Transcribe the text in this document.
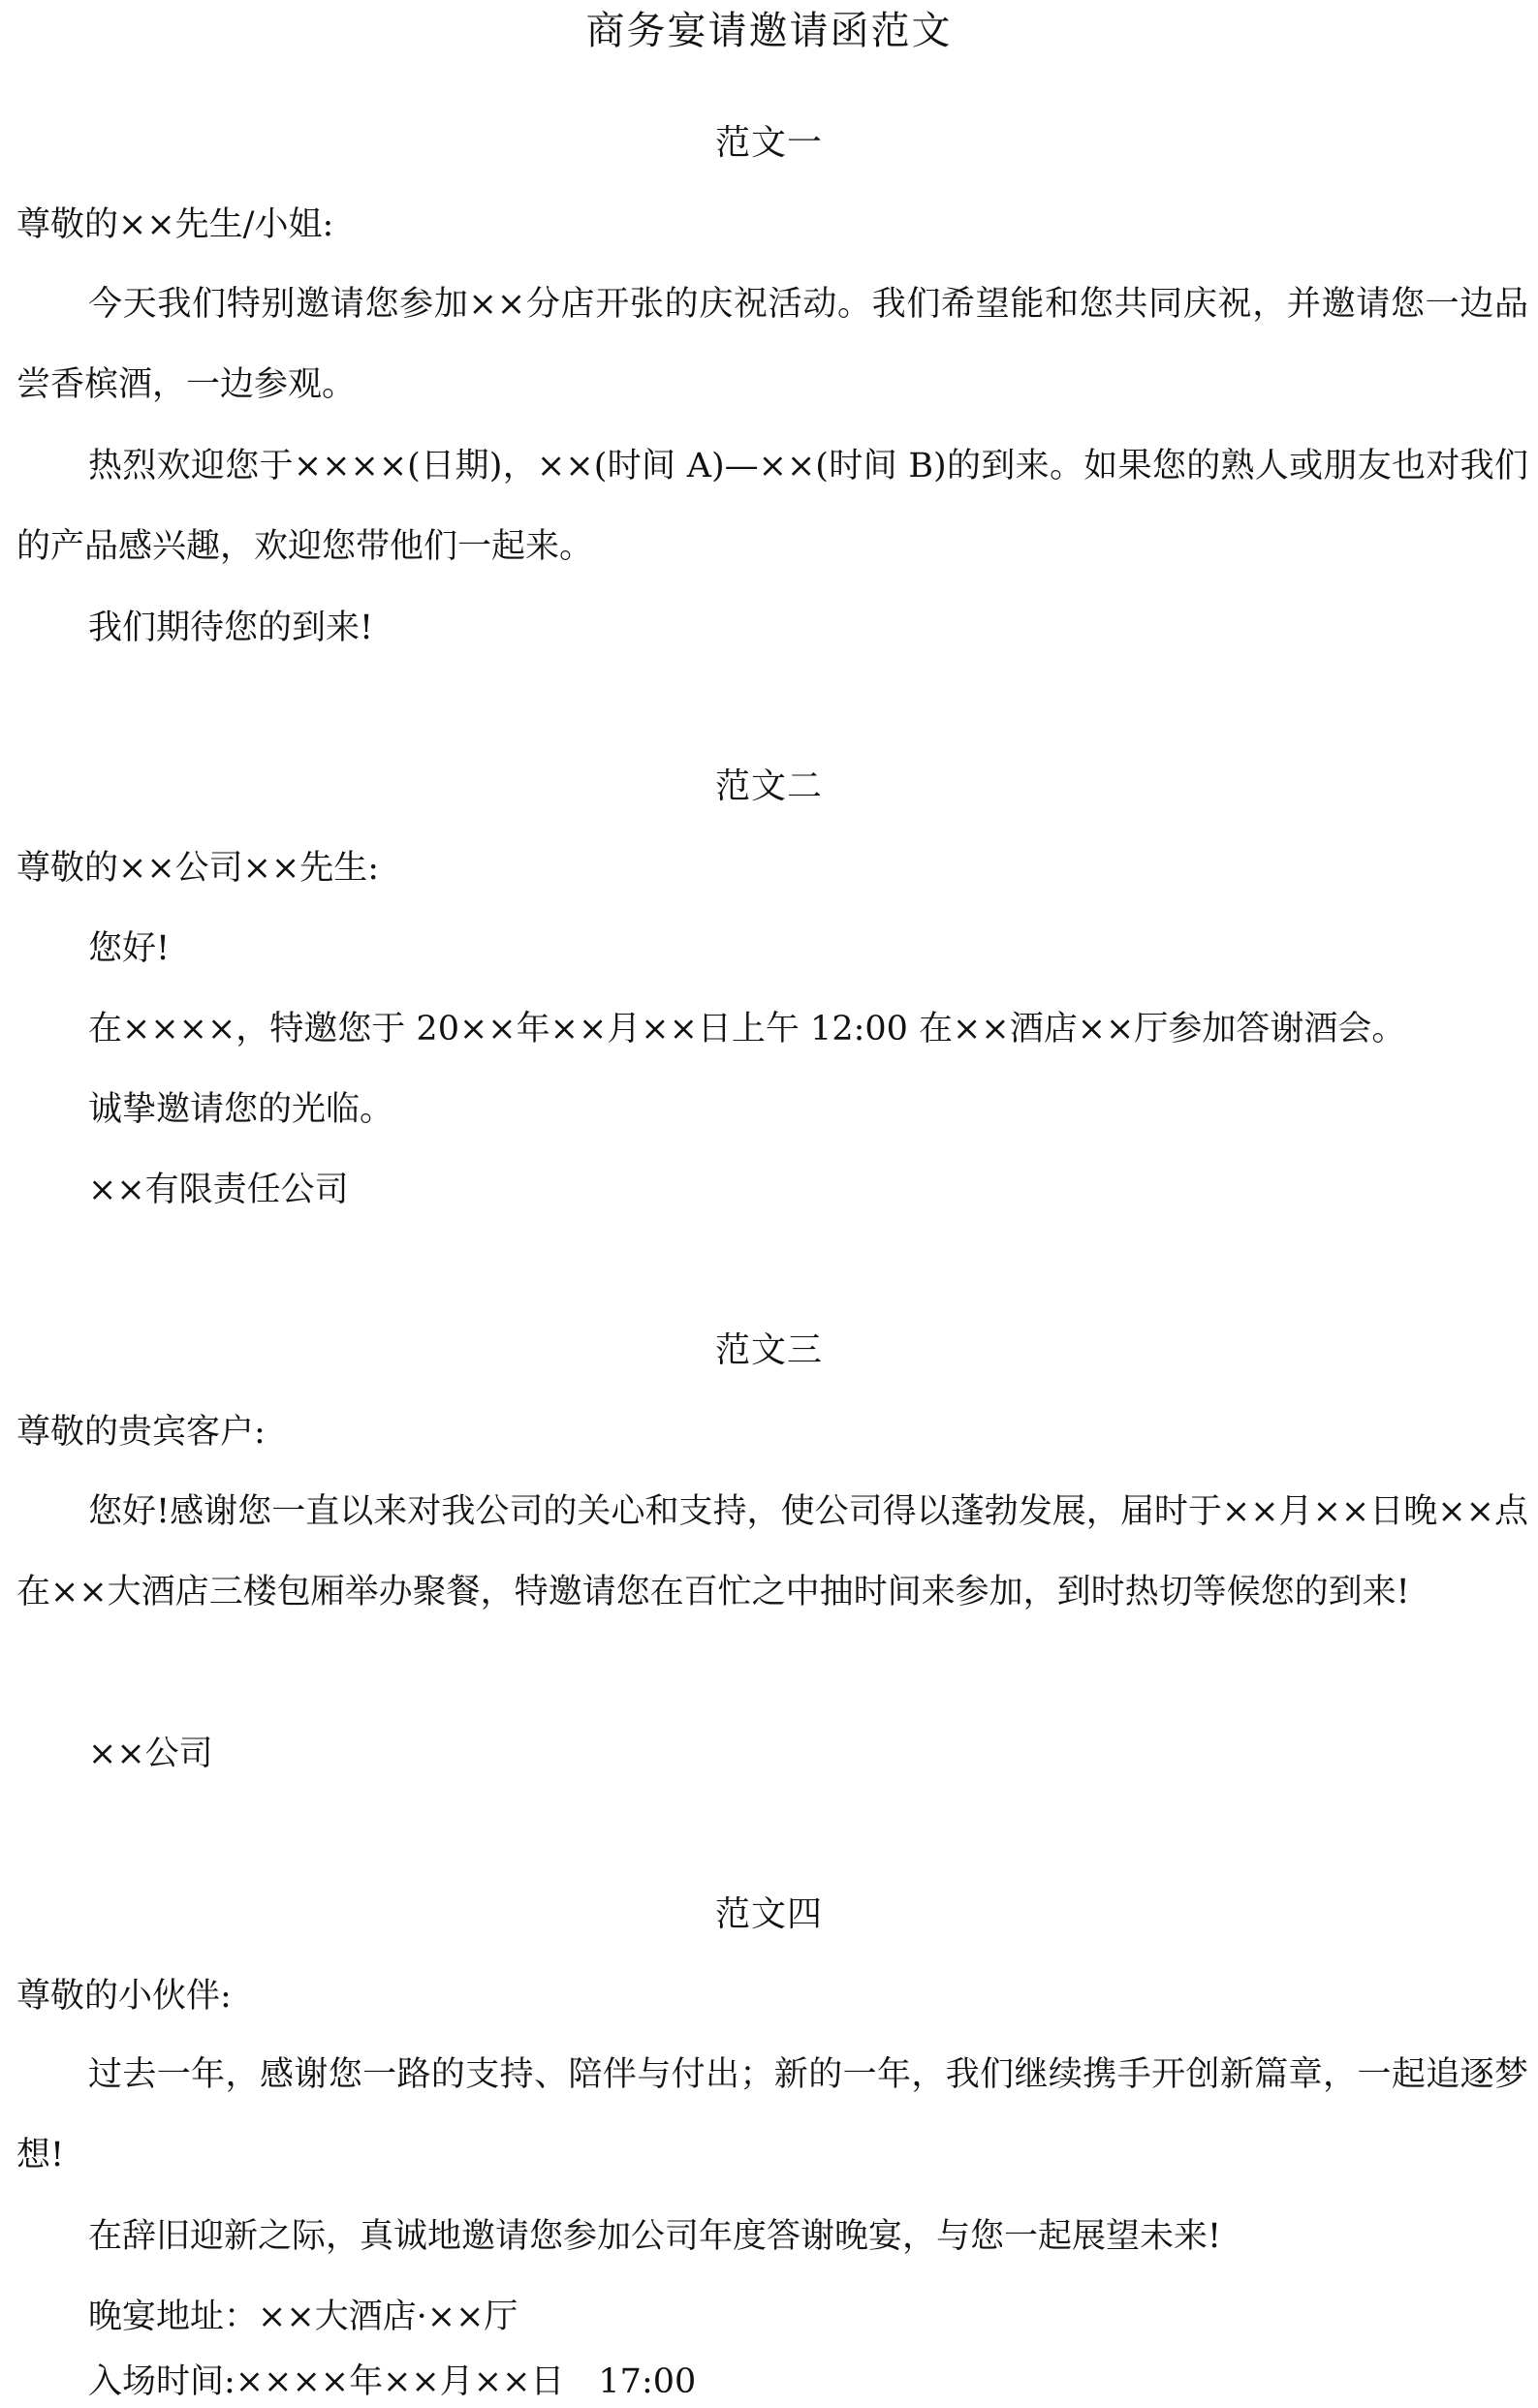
商务宴请邀请函范文
范文一
尊敬的××先生/小姐:

今天我们特别邀请您参加××分店开张的庆祝活动。我们希望能和您共同庆祝，并邀请您一边品尝香槟酒，一边参观。

热烈欢迎您于××××(日期)，××(时间 A)—××(时间 B)的到来。如果您的熟人或朋友也对我们的产品感兴趣，欢迎您带他们一起来。

我们期待您的到来!

范文二
尊敬的××公司××先生:
您好!
在××××，特邀您于 20××年××月××日上午 12:00 在××酒店××厅参加答谢酒会。
诚挚邀请您的光临。
××有限责任公司
范文三
尊敬的贵宾客户:

您好!感谢您一直以来对我公司的关心和支持，使公司得以蓬勃发展，届时于××月××日晚××点在××大酒店三楼包厢举办聚餐，特邀请您在百忙之中抽时间来参加，到时热切等候您的到来!

××公司
范文四
尊敬的小伙伴:

过去一年，感谢您一路的支持、陪伴与付出；新的一年，我们继续携手开创新篇章，一起追逐梦想!

在辞旧迎新之际，真诚地邀请您参加公司年度答谢晚宴，与您一起展望未来!
晚宴地址：××大酒店·××厅
入场时间:××××年××月××日　17:00
